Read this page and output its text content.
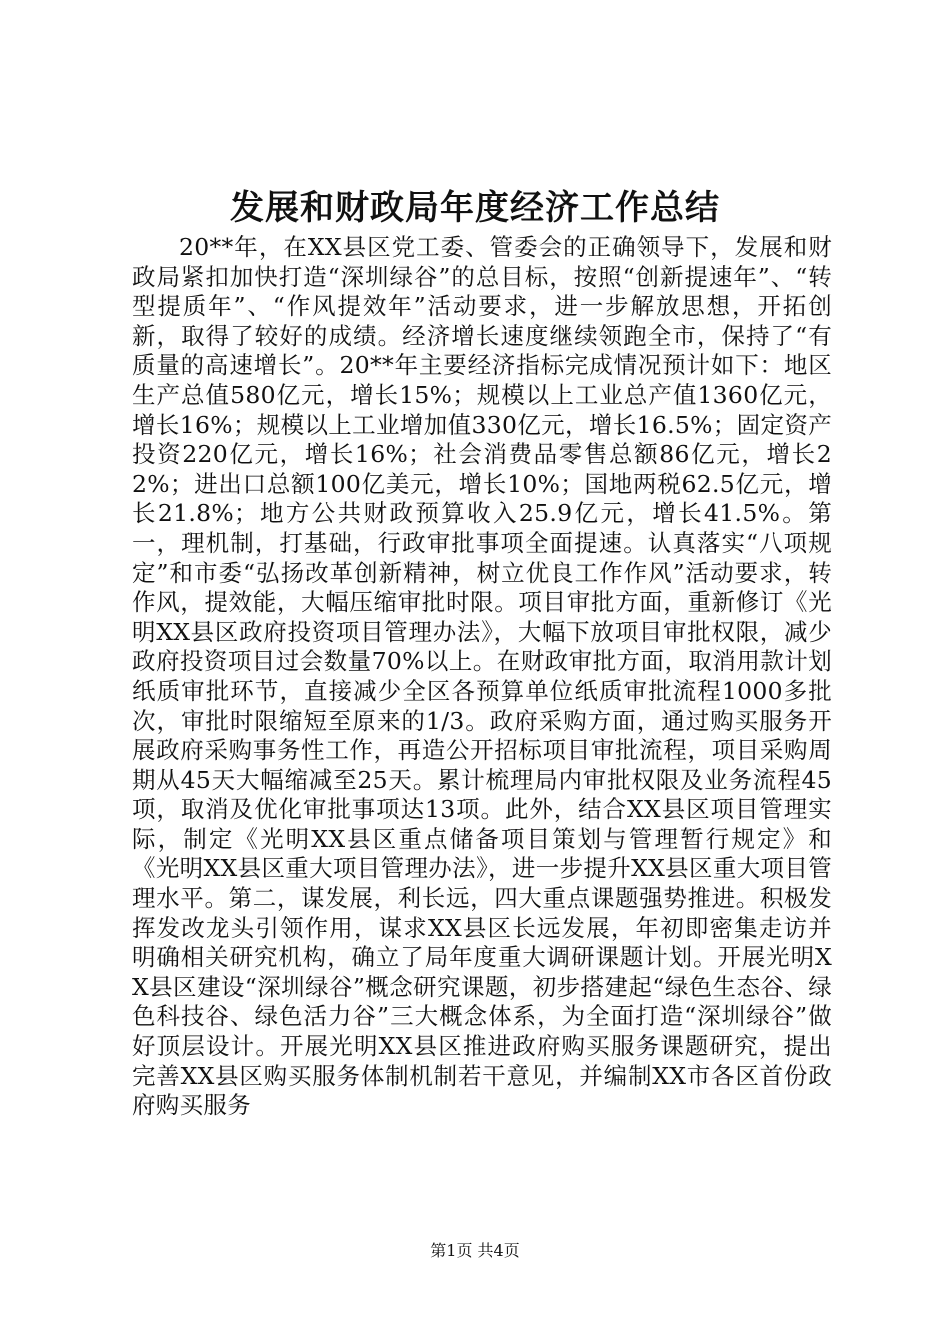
发展和财政局年度经济工作总结

20**年，在XX县区党工委、管委会的正确领导下，发展和财政局紧扣加快打造“深圳绿谷”的总目标，按照“创新提速年”、“转型提质年”、“作风提效年”活动要求，进一步解放思想，开拓创新，取得了较好的成绩。经济增长速度继续领跑全市，保持了“有质量的高速增长”。20**年主要经济指标完成情况预计如下：地区生产总值580亿元，增长15%；规模以上工业总产值1360亿元，增长16%；规模以上工业增加值330亿元，增长16.5%；固定资产投资220亿元，增长16%；社会消费品零售总额86亿元，增长22%；进出口总额100亿美元，增长10%；国地两税62.5亿元，增长21.8%；地方公共财政预算收入25.9亿元，增长41.5%。第一，理机制，打基础，行政审批事项全面提速。认真落实“八项规定”和市委“弘扬改革创新精神，树立优良工作作风”活动要求，转作风，提效能，大幅压缩审批时限。项目审批方面，重新修订《光明XX县区政府投资项目管理办法》，大幅下放项目审批权限，减少政府投资项目过会数量70%以上。在财政审批方面，取消用款计划纸质审批环节，直接减少全区各预算单位纸质审批流程1000多批次，审批时限缩短至原来的1/3。政府采购方面，通过购买服务开展政府采购事务性工作，再造公开招标项目审批流程，项目采购周期从45天大幅缩减至25天。累计梳理局内审批权限及业务流程45项，取消及优化审批事项达13项。此外，结合XX县区项目管理实际，制定《光明XX县区重点储备项目策划与管理暂行规定》和《光明XX县区重大项目管理办法》，进一步提升XX县区重大项目管理水平。第二，谋发展，利长远，四大重点课题强势推进。积极发挥发改龙头引领作用，谋求XX县区长远发展，年初即密集走访并明确相关研究机构，确立了局年度重大调研课题计划。开展光明XX县区建设“深圳绿谷”概念研究课题，初步搭建起“绿色生态谷、绿色科技谷、绿色活力谷”三大概念体系，为全面打造“深圳绿谷”做好顶层设计。开展光明XX县区推进政府购买服务课题研究，提出完善XX县区购买服务体制机制若干意见，并编制XX市各区首份政府购买服务

第1页 共4页
